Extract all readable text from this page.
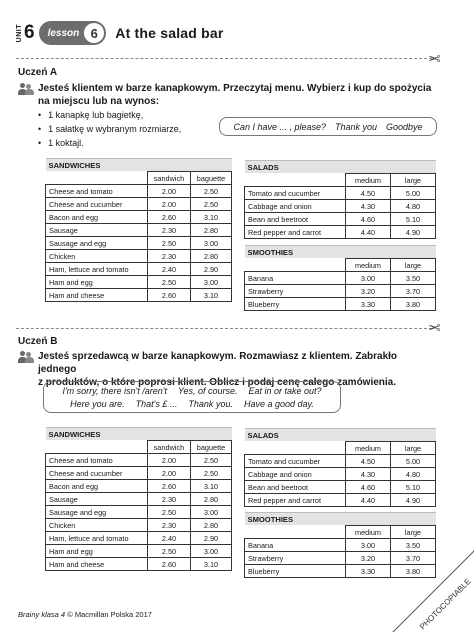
UNIT 6 lesson 6	At the salad bar
✂
Uczeń A
Jesteś klientem w barze kanapkowym. Przeczytaj menu. Wybierz i kup do spożycia
na miejscu lub na wynos:
• 1 kanapkę lub bagietkę,
• 1 sałatkę w wybranym rozmiarze,
• 1 koktajl.
Can I have ... , please? Thank you Goodbye
SANDWICHES		
	sandwich	baguette
Cheese and tomato	2.00	2.50
Cheese and cucumber	2.00	2.50
Bacon and egg	2.60	3.10
Sausage	2.30	2.80
Sausage and egg	2.50	3.00
Chicken	2.30	2.80
Ham, lettuce and tomato	2.40	2.90
Ham and egg	2.50	3.00
Ham and cheese	2.60	3.10
SALADS		
	medium	large
Tomato and cucumber	4.50	5.00
Cabbage and onion	4.30	4.80
Bean and beetroot	4.60	5.10
Red pepper and carrot	4.40	4.90
SMOOTHIES		
	medium	large
Banana	3.00	3.50
Strawberry	3.20	3.70
Blueberry	3.30	3.80
✂
Uczeń B
Jesteś sprzedawcą w barze kanapkowym. Rozmawiasz z klientem. Zabrakło jednego
z produktów, o które poprosi klient. Oblicz i podaj cenę całego zamówienia.
I'm sorry, there isn't /aren't Yes, of course. Eat in or take out?
Here you are. That's £ ... Thank you. Have a good day.
SANDWICHES		
	sandwich	baguette
Cheese and tomato	2.00	2.50
Cheese and cucumber	2.00	2.50
Bacon and egg	2.60	3.10
Sausage	2.30	2.80
Sausage and egg	2.50	3.00
Chicken	2.30	2.80
Ham, lettuce and tomato	2.40	2.90
Ham and egg	2.50	3.00
Ham and cheese	2.60	3.10
SALADS		
	medium	large
Tomato and cucumber	4.50	5.00
Cabbage and onion	4.30	4.80
Bean and beetroot	4.60	5.10
Red pepper and carrot	4.40	4.90
SMOOTHIES		
	medium	large
Banana	3.00	3.50
Strawberry	3.20	3.70
Blueberry	3.30	3.80
Brainy klasa 4 © Macmillan Polska 2017	PHOTOCOPIABLE
